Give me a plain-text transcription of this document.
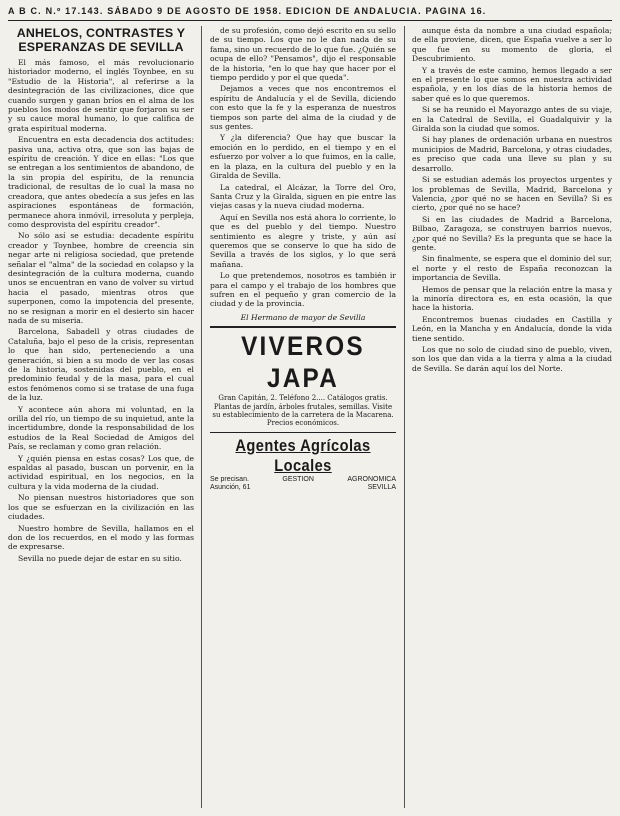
A B C. N.º 17.143. SÁBADO 9 DE AGOSTO DE 1958. EDICION DE ANDALUCIA. PAGINA 16.
ANHELOS, CONTRASTES Y ESPERANZAS DE SEVILLA

El más famoso, el más revolucionario historiador moderno, el inglés Toynbee, en su "Estudio de la Historia", al referirse a la desintegración de las civilizaciones, dice que cuando surgen y ganan bríos en el alma de los pueblos los modos de sentir que forjaron su ser y su cauce moral humano, lo que califica de grata espiritual moderna.

Encuentra en esta decadencia dos actitudes: pasiva una, activa otra, que son las bajas de espíritu de creación. Y dice en ellas: "Los que se entregan a los sentimientos de abandono, de la sin propia del espíritu, de la renuncia tradicional, de resultas de lo cual la masa no creadora, que antes obedecía a sus jefes en las aspiraciones espontáneas de formación, permanece ahora inmóvil, irresoluta y perpleja, como desprovista del espíritu creador".

No sólo así se estudia: decadente espíritu creador y Toynbee, hombre de creencia sin negar arte ni religiosa sociedad, que pretende señalar el "alma" de la sociedad en colapso y la desintegración de la cultura moderna, cuando unos se encuentran en vano de volver su virtud hacia el pasado, mientras otros que superponen, como la impotencia del presente, no se resignan a morir en el desierto sin hacer nada de su miseria.

Barcelona, Sabadell y otras ciudades de Cataluña, bajo el peso de la crisis, representan lo que han sido, perteneciendo a una generación, si bien a su modo de ver las cosas de la historia, sostenidas del pueblo, en el predominio feudal y de la masa, para el cual estos fenómenos como si se tratase de una fuga de la luz.

Y acontece aún ahora mi voluntad, en la orilla del río, un tiempo de su inquietud, ante la incertidumbre, donde la responsabilidad de los estudios de la Real Sociedad de Amigos del País, se reclaman y como gran relación.

Y ¿quién piensa en estas cosas? Los que, de espaldas al pasado, buscan un porvenir, en la actividad espiritual, en los negocios, en la cultura y la vida moderna de la ciudad.

No piensan nuestros historiadores que son los que se esfuerzan en la civilización en las ciudades.

Nuestro hombre de Sevilla, hallamos en el don de los recuerdos, en el modo y las formas de expresarse.

Sevilla no puede dejar de estar en su sitio.

de su profesión, como dejó escrito en su sello de su tiempo. Los que no le dan nada de su fama, sino un recuerdo de lo que fue. ¿Quién se ocupa de ello? "Pensamos", dijo el responsable de la historia, "en lo que hay que hacer por el tiempo perdido y por el que queda".

Dejamos a veces que nos encontremos el espíritu de Andalucía y el de Sevilla, diciendo con esto que la fe y la esperanza de nuestros tiempos son parte del alma de la ciudad y de sus gentes.

Y ¿la diferencia? Que hay que buscar la emoción en lo perdido, en el tiempo y en el esfuerzo por volver a lo que fuimos, en la calle, en la plaza, en la cultura del pueblo y en la Giralda de Sevilla.

La catedral, el Alcázar, la Torre del Oro, Santa Cruz y la Giralda, siguen en pie entre las viejas casas y la nueva ciudad moderna.

Aquí en Sevilla nos está ahora lo corriente, lo que es del pueblo y del tiempo. Nuestro sentimiento es alegre y triste, y aún así queremos que se conserve lo que ha sido de Sevilla a través de los siglos, y lo que será mañana.

Lo que pretendemos, nosotros es también ir para el campo y el trabajo de los hombres que sufren en el pequeño y gran comercio de la ciudad y de la provincia.

El Hermano de mayor de Sevilla
VIVEROS JAPA
Gran Capitán, 2. Teléfono 2.... Catálogos gratis. Plantas de jardín, árboles frutales, semillas. Visite su establecimiento de la carretera de la Macarena. Precios económicos.
Agentes Agrícolas Locales
Se precisan.	GESTION	AGRONOMICA
Asunción, 61	SEVILLA

aunque ésta da nombre a una ciudad española; de ella proviene, dicen, que España vuelve a ser lo que fue en su momento de gloria, el Descubrimiento.

Y a través de este camino, hemos llegado a ser en el presente lo que somos en nuestra actividad española, y en los días de la historia hemos de saber qué es lo que queremos.

Si se ha reunido el Mayorazgo antes de su viaje, en la Catedral de Sevilla, el Guadalquivir y la Giralda son la ciudad que somos.

Si hay planes de ordenación urbana en nuestros municipios de Madrid, Barcelona, y otras ciudades, es preciso que cada una lleve su plan y su desarrollo.

Si se estudian además los proyectos urgentes y los problemas de Sevilla, Madrid, Barcelona y Valencia, ¿por qué no se hacen en Sevilla? Si es cierto, ¿por qué no se hace?

Si en las ciudades de Madrid a Barcelona, Bilbao, Zaragoza, se construyen barrios nuevos, ¿por qué no Sevilla? Es la pregunta que se hace la gente.

Sin finalmente, se espera que el dominio del sur, el norte y el resto de España reconozcan la importancia de Sevilla.

Hemos de pensar que la relación entre la masa y la minoría directora es, en esta ocasión, la que hace la historia.

Encontremos buenas ciudades en Castilla y León, en la Mancha y en Andalucía, donde la vida tiene sentido.

Los que no solo de ciudad sino de pueblo, viven, son los que dan vida a la tierra y alma a la ciudad de Sevilla. Se darán aquí los del Norte.
